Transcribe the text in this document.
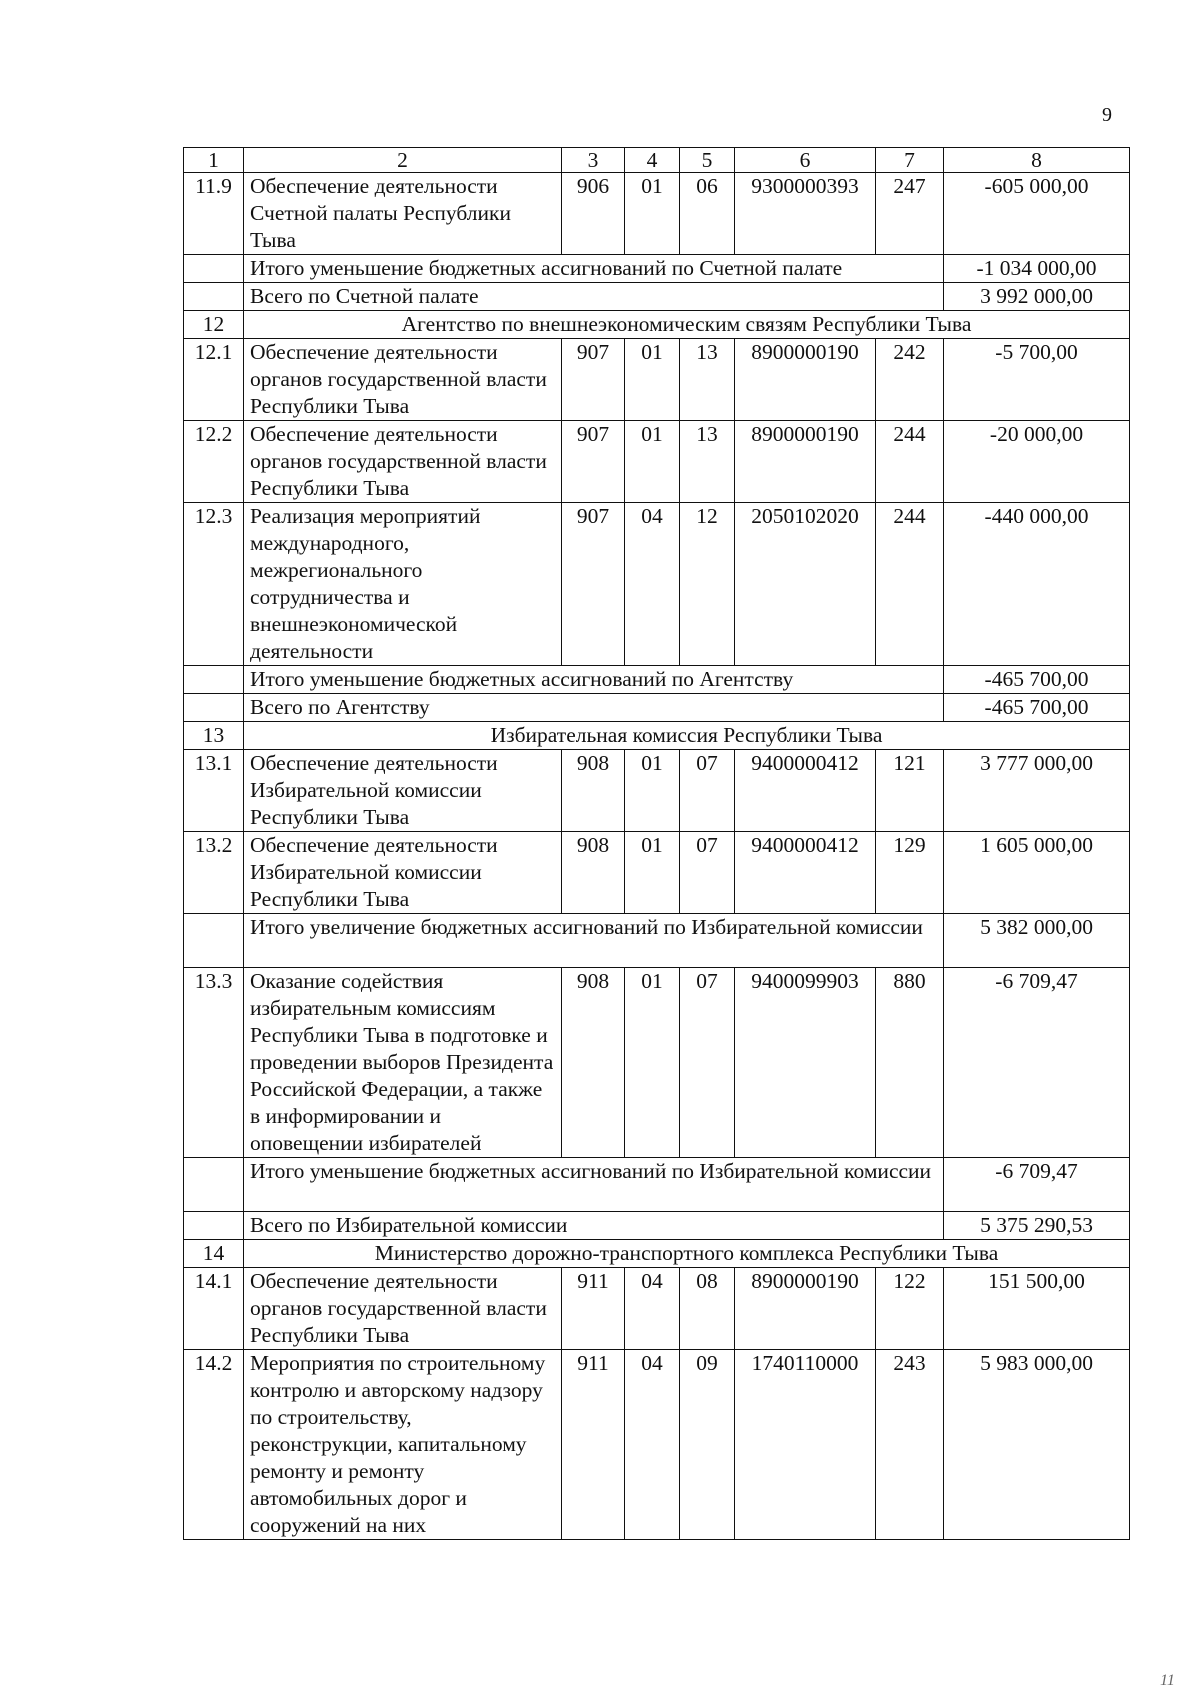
9
1	2	3	4	5	6	7	8
11.9	Обеспечение деятельности Счетной палаты Республики Тыва	906	01	06	9300000393	247	-605 000,00
	Итого уменьшение бюджетных ассигнований по Счетной палате						-1 034 000,00
	Всего по Счетной палате						3 992 000,00
12	Агентство по внешнеэкономическим связям Республики Тыва						
12.1	Обеспечение деятельности органов государственной власти Республики Тыва	907	01	13	8900000190	242	-5 700,00
12.2	Обеспечение деятельности органов государственной власти Республики Тыва	907	01	13	8900000190	244	-20 000,00
12.3	Реализация мероприятий международного, межрегионального сотрудничества и внешнеэкономической деятельности	907	04	12	2050102020	244	-440 000,00
	Итого уменьшение бюджетных ассигнований по Агентству						-465 700,00
	Всего по Агентству						-465 700,00
13	Избирательная комиссия Республики Тыва						
13.1	Обеспечение деятельности Избирательной комиссии Республики Тыва	908	01	07	9400000412	121	3 777 000,00
13.2	Обеспечение деятельности Избирательной комиссии Республики Тыва	908	01	07	9400000412	129	1 605 000,00
	Итого увеличение бюджетных ассигнований по Избирательной комиссии						5 382 000,00
13.3	Оказание содействия избирательным комиссиям Республики Тыва в подготовке и проведении выборов Президента Российской Федерации, а также в информировании и оповещении избирателей	908	01	07	9400099903	880	-6 709,47
	Итого уменьшение бюджетных ассигнований по Избирательной комиссии						-6 709,47
	Всего по Избирательной комиссии						5 375 290,53
14	Министерство дорожно-транспортного комплекса Республики Тыва						
14.1	Обеспечение деятельности органов государственной власти Республики Тыва	911	04	08	8900000190	122	151 500,00
14.2	Мероприятия по строительному контролю и авторскому надзору по строительству, реконструкции, капитальному ремонту и ремонту автомобильных дорог и сооружений на них	911	04	09	1740110000	243	5 983 000,00
11
